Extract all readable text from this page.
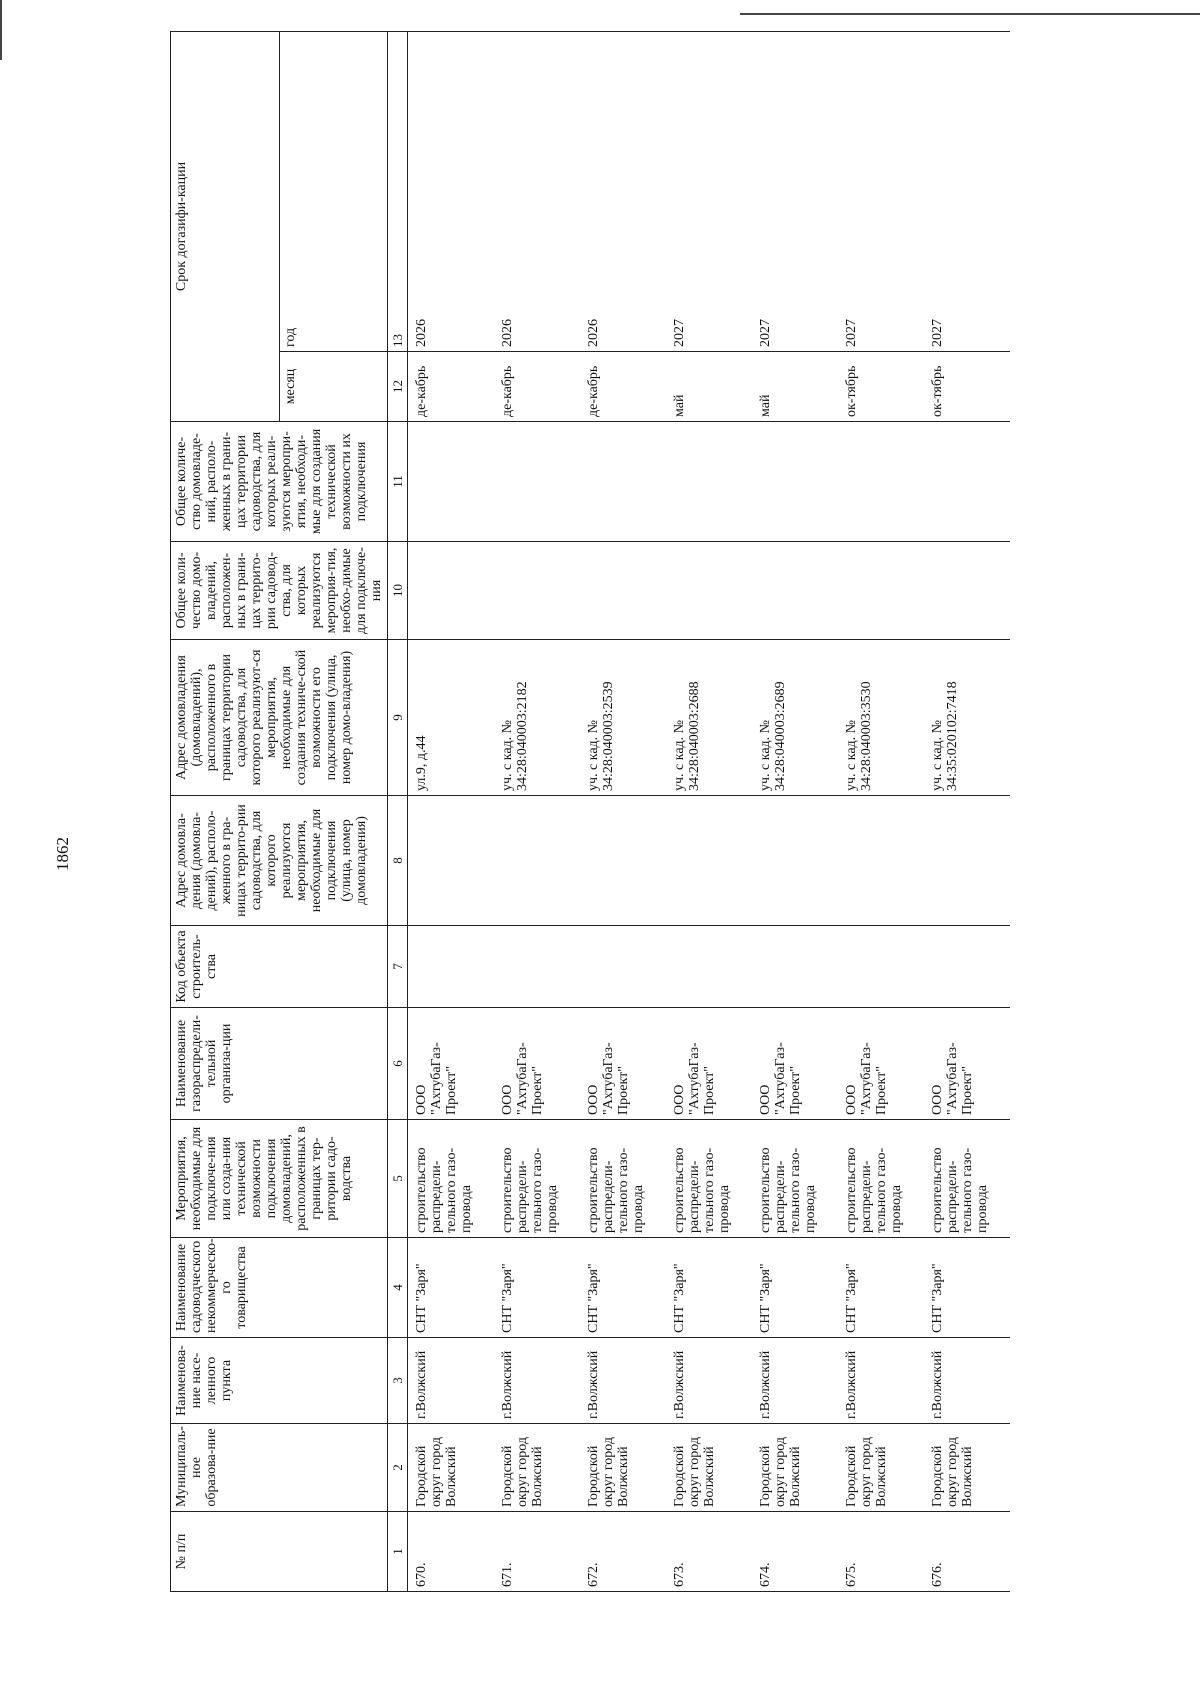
1862
№ п/п	Муниципаль-ное образова-ние	Наименова-ние насе-ленного пункта	Наименование садоводческого некоммерческо-го товарищества	Мероприятия, необходимые для подключе-ния или созда-ния технической возможности подключения домовладений, расположенных в границах тер-ритории садо-водства	Наименование газораспредели-тельной организа-ции	Код объекта строитель-ства	Адрес домовла-дения (домовла-дений), располо-женного в гра-ницах террито-рии садоводства, для которого реализуются мероприятия, необходимые для подключения (улица, номер домовладения)	Адрес домовладения (домовладений), расположенного в границах территории садоводства, для которого реализуют-ся мероприятия, необходимые для создания техниче-ской возможности его подключения (улица, номер домо-владения)	Общее коли-чество домо-владений, расположен-ных в грани-цах террито-рии садовод-ства, для которых реализуются мероприя-тия, необхо-димые для подключе-ния	Общее количе-ство домовладе-ний, располо-женных в грани-цах территории садоводства, для которых реали-зуются меропри-ятия, необходи-мые для создания технической возможности их подключения	Срок догазифи-кации	
											месяц	год
1	2	3	4	5	6	7	8	9	10	11	12	13
670.	Городской округ город Волжский	г.Волжский	СНТ "Заря"	строительство распредели-тельного газо-провода	ООО "АхтубаГаз-Проект"			ул.9, д.44			де-кабрь	2026
671.	Городской округ город Волжский	г.Волжский	СНТ "Заря"	строительство распредели-тельного газо-провода	ООО "АхтубаГаз-Проект"			уч. с кад. № 34:28:040003:2182			де-кабрь	2026
672.	Городской округ город Волжский	г.Волжский	СНТ "Заря"	строительство распредели-тельного газо-провода	ООО "АхтубаГаз-Проект"			уч. с кад. № 34:28:040003:2539			де-кабрь	2026
673.	Городской округ город Волжский	г.Волжский	СНТ "Заря"	строительство распредели-тельного газо-провода	ООО "АхтубаГаз-Проект"			уч. с кад. № 34:28:040003:2688			май	2027
674.	Городской округ город Волжский	г.Волжский	СНТ "Заря"	строительство распредели-тельного газо-провода	ООО "АхтубаГаз-Проект"			уч. с кад. № 34:28:040003:2689			май	2027
675.	Городской округ город Волжский	г.Волжский	СНТ "Заря"	строительство распредели-тельного газо-провода	ООО "АхтубаГаз-Проект"			уч. с кад. № 34:28:040003:3530			ок-тябрь	2027
676.	Городской округ город Волжский	г.Волжский	СНТ "Заря"	строительство распредели-тельного газо-провода	ООО "АхтубаГаз-Проект"			уч. с кад. № 34:35:020102:7418			ок-тябрь	2027
